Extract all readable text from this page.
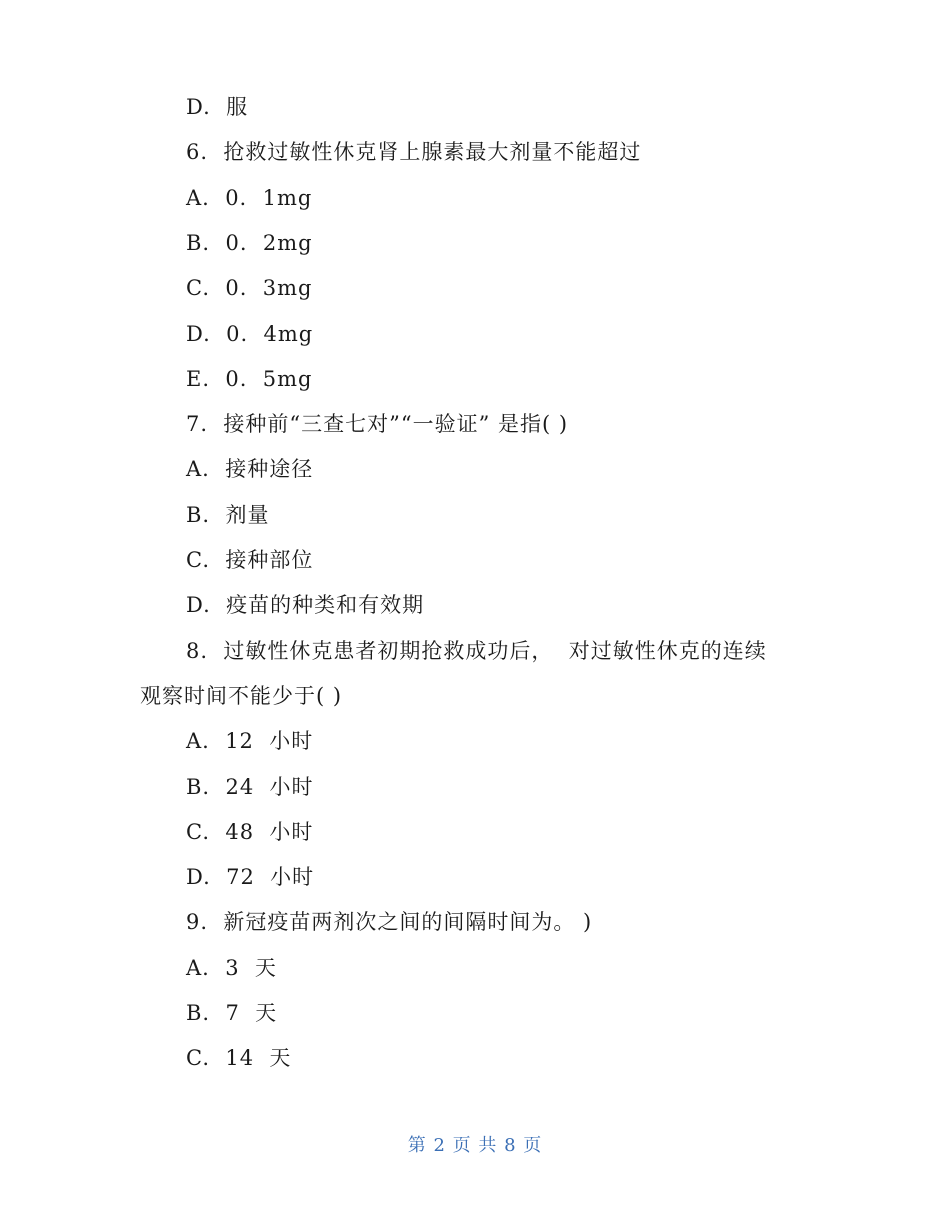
D.  服
6.  抢救过敏性休克肾上腺素最大剂量不能超过
A.  0.  1mg
B.  0.  2mg
C.  0.  3mg
D.  0.  4mg
E.  0.  5mg
7.  接种前“三查七对”“一验证” 是指( )
A.  接种途径
B.  剂量
C.  接种部位
D.  疫苗的种类和有效期
8.  过敏性休克患者初期抢救成功后，  对过敏性休克的连续
观察时间不能少于( )
A.  12  小时
B.  24  小时
C.  48  小时
D.  72  小时
9.  新冠疫苗两剂次之间的间隔时间为。 )
A.  3  天
B.  7  天
C.  14  天
第 2 页 共 8 页
